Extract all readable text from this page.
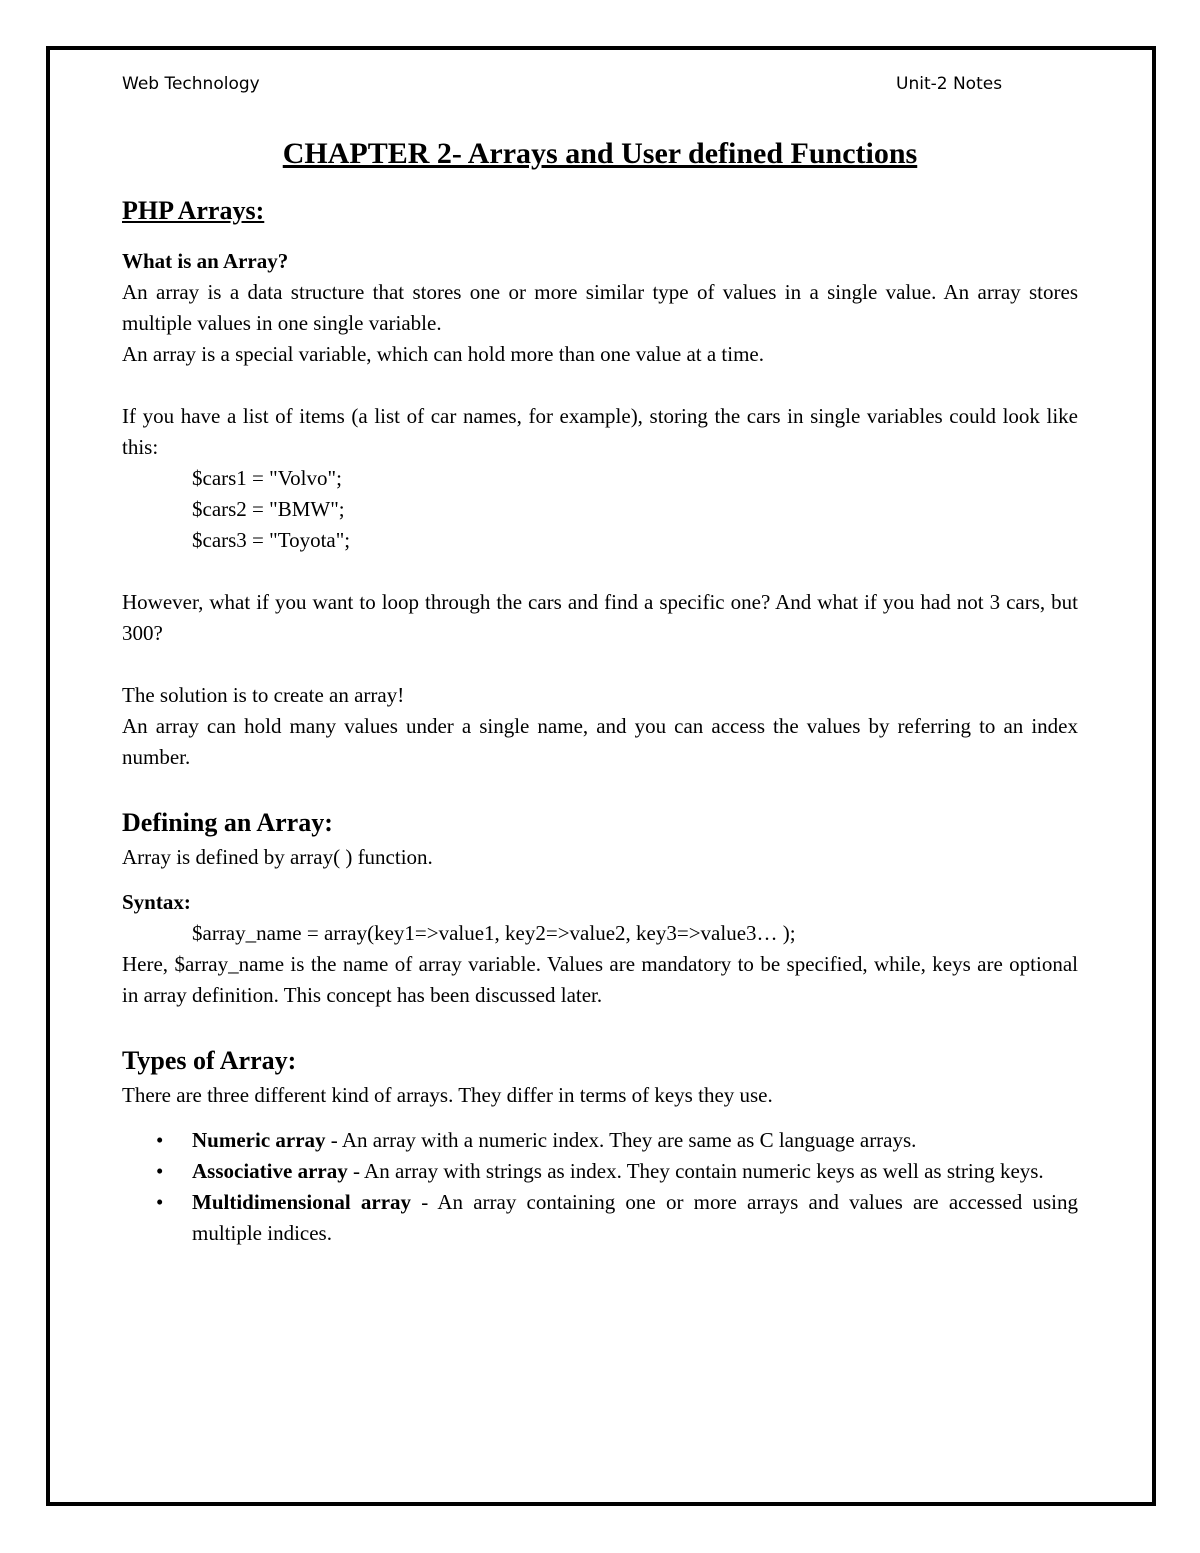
Web Technology	Unit-2 Notes
CHAPTER 2- Arrays and User defined Functions
PHP Arrays:

What is an Array?

An array is a data structure that stores one or more similar type of values in a single value. An array stores multiple values in one single variable.

An array is a special variable, which can hold more than one value at a time.

If you have a list of items (a list of car names, for example), storing the cars in single variables could look like this:

$cars1 = "Volvo";

$cars2 = "BMW";

$cars3 = "Toyota";

However, what if you want to loop through the cars and find a specific one? And what if you had not 3 cars, but 300?

The solution is to create an array!

An array can hold many values under a single name, and you can access the values by referring to an index number.

Defining an Array:

Array is defined by array( ) function.

Syntax:

$array_name = array(key1=>value1, key2=>value2, key3=>value3… );

Here, $array_name is the name of array variable. Values are mandatory to be specified, while, keys are optional in array definition. This concept has been discussed later.

Types of Array:

There are three different kind of arrays. They differ in terms of keys they use.

• Numeric array - An array with a numeric index. They are same as C language arrays.
• Associative array - An array with strings as index. They contain numeric keys as well as string keys.
• Multidimensional array - An array containing one or more arrays and values are accessed using multiple indices.
